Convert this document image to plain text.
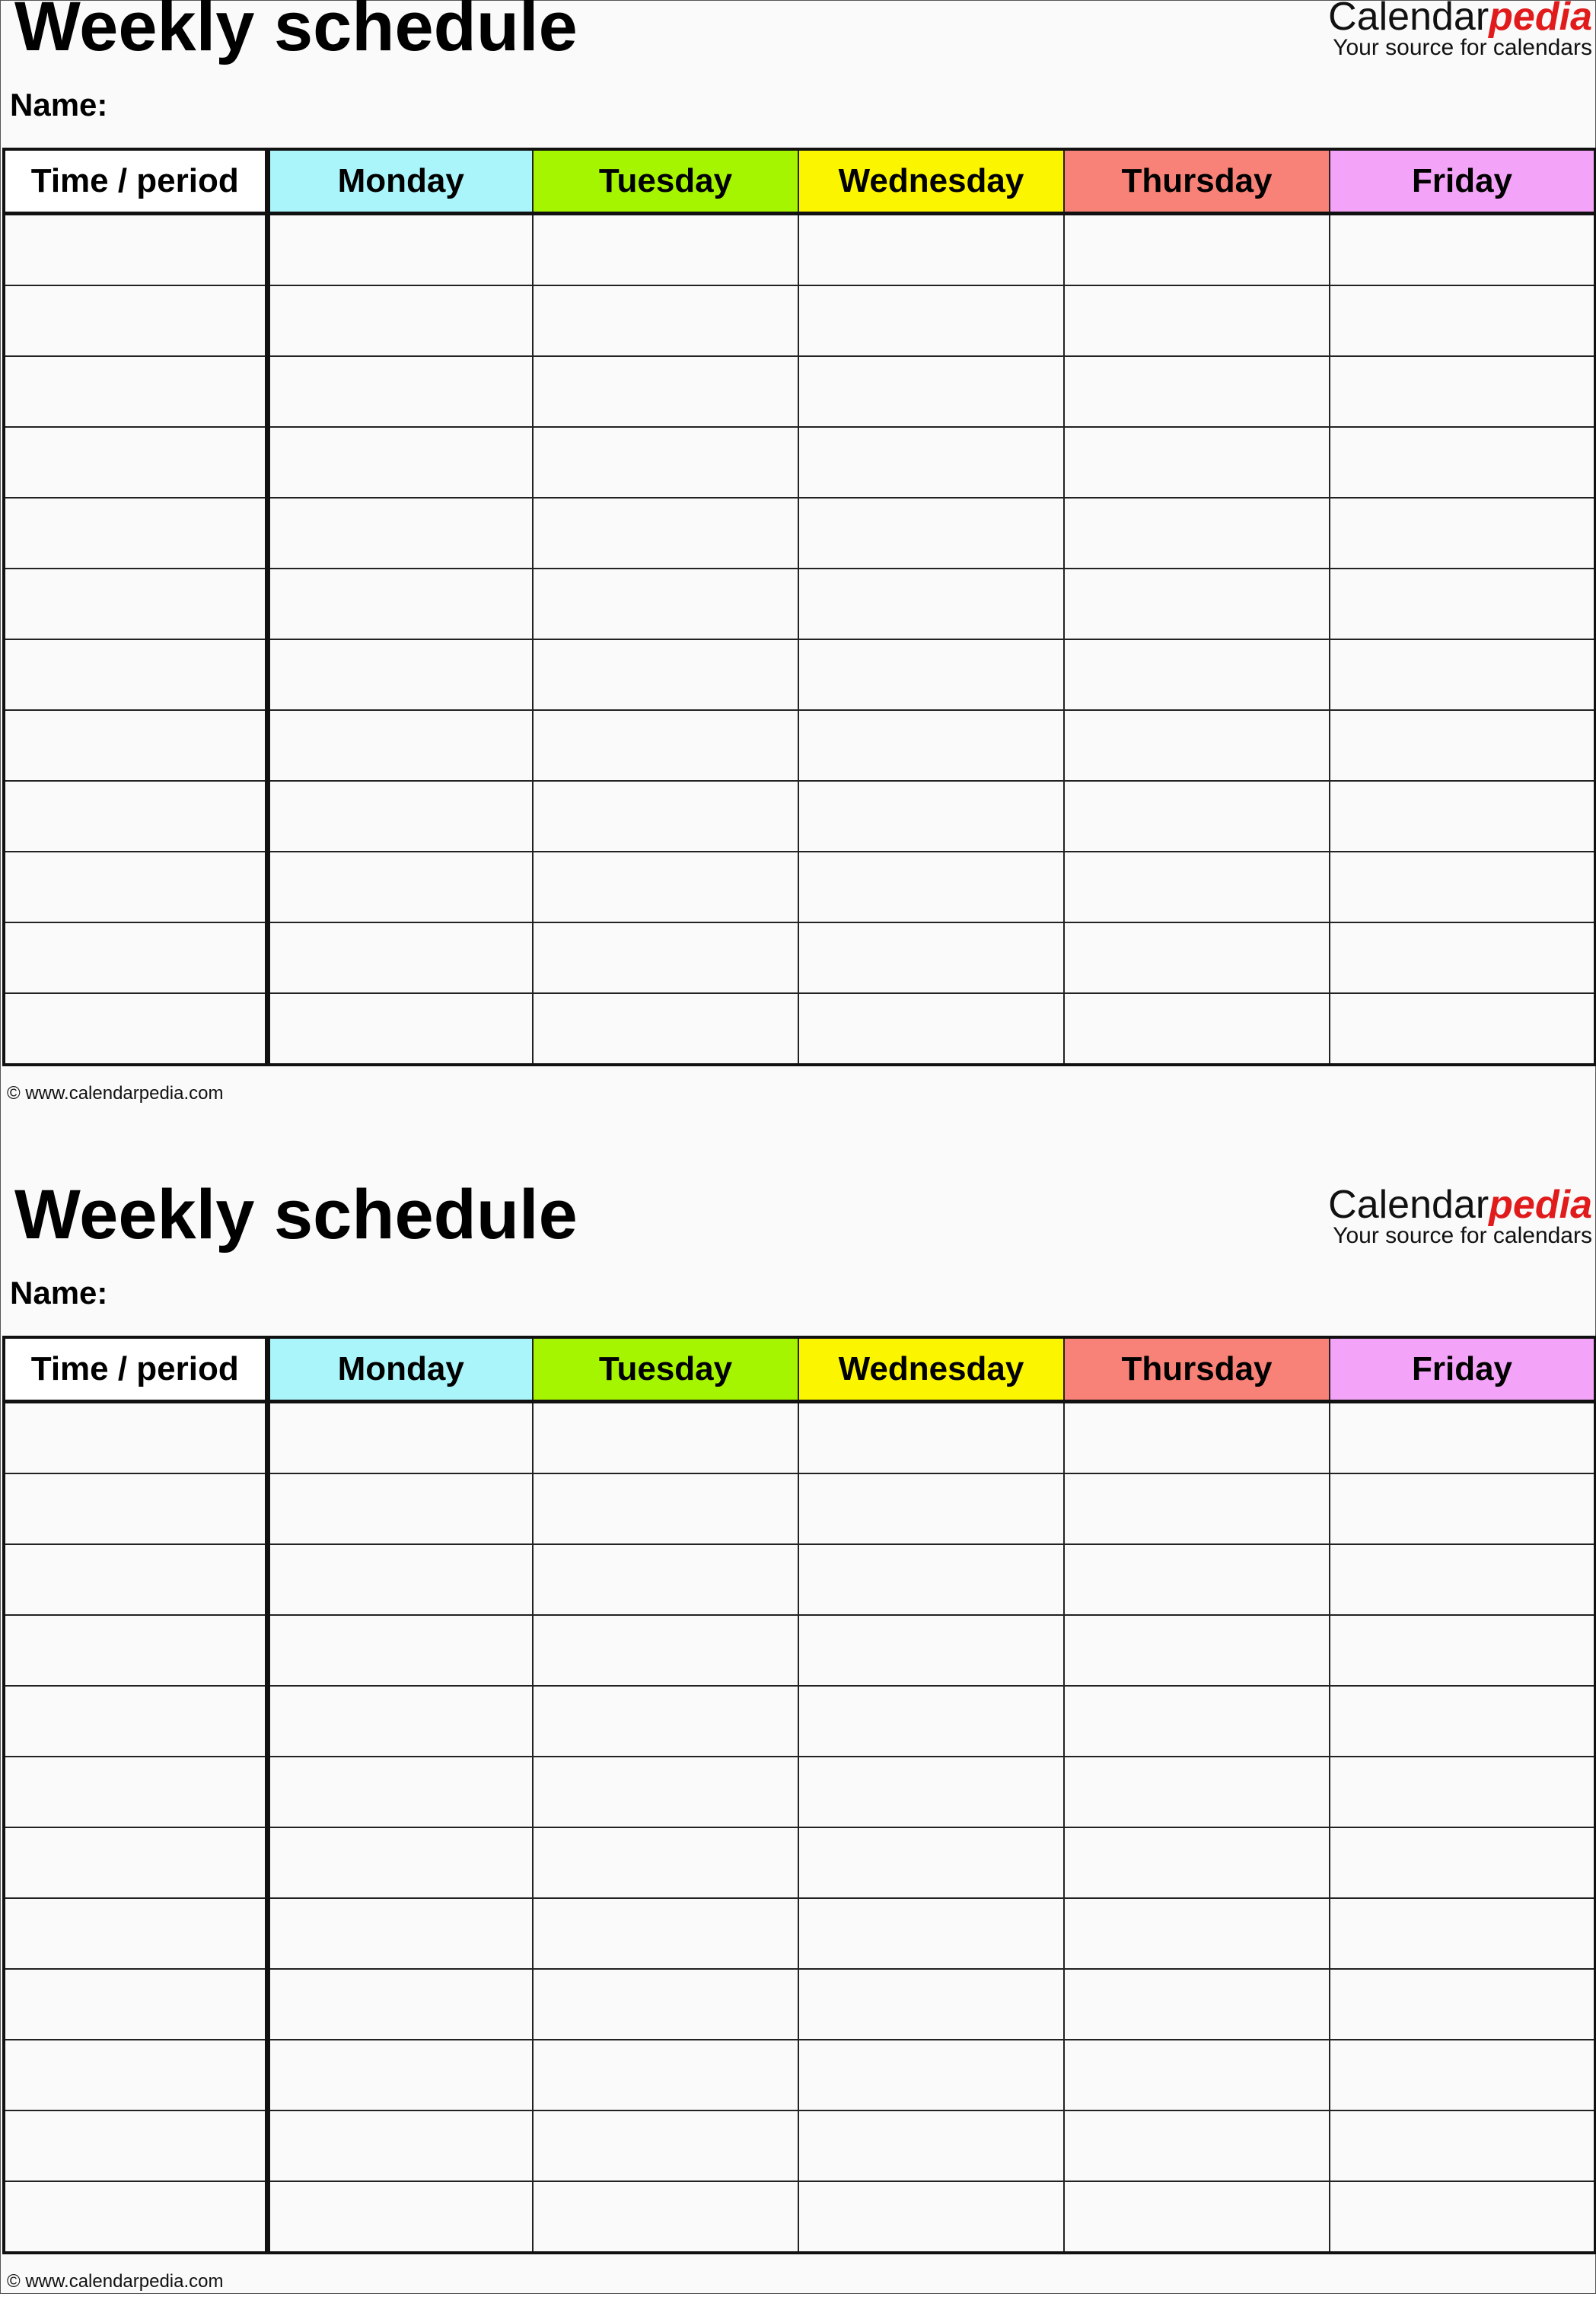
Weekly schedule
Name:
Calendarpedia
Your source for calendars
Time / period	Monday	Tuesday	Wednesday	Thursday	Friday

© www.calendarpedia.com
Weekly schedule
Name:
Calendarpedia
Your source for calendars
Time / period	Monday	Tuesday	Wednesday	Thursday	Friday

© www.calendarpedia.com
